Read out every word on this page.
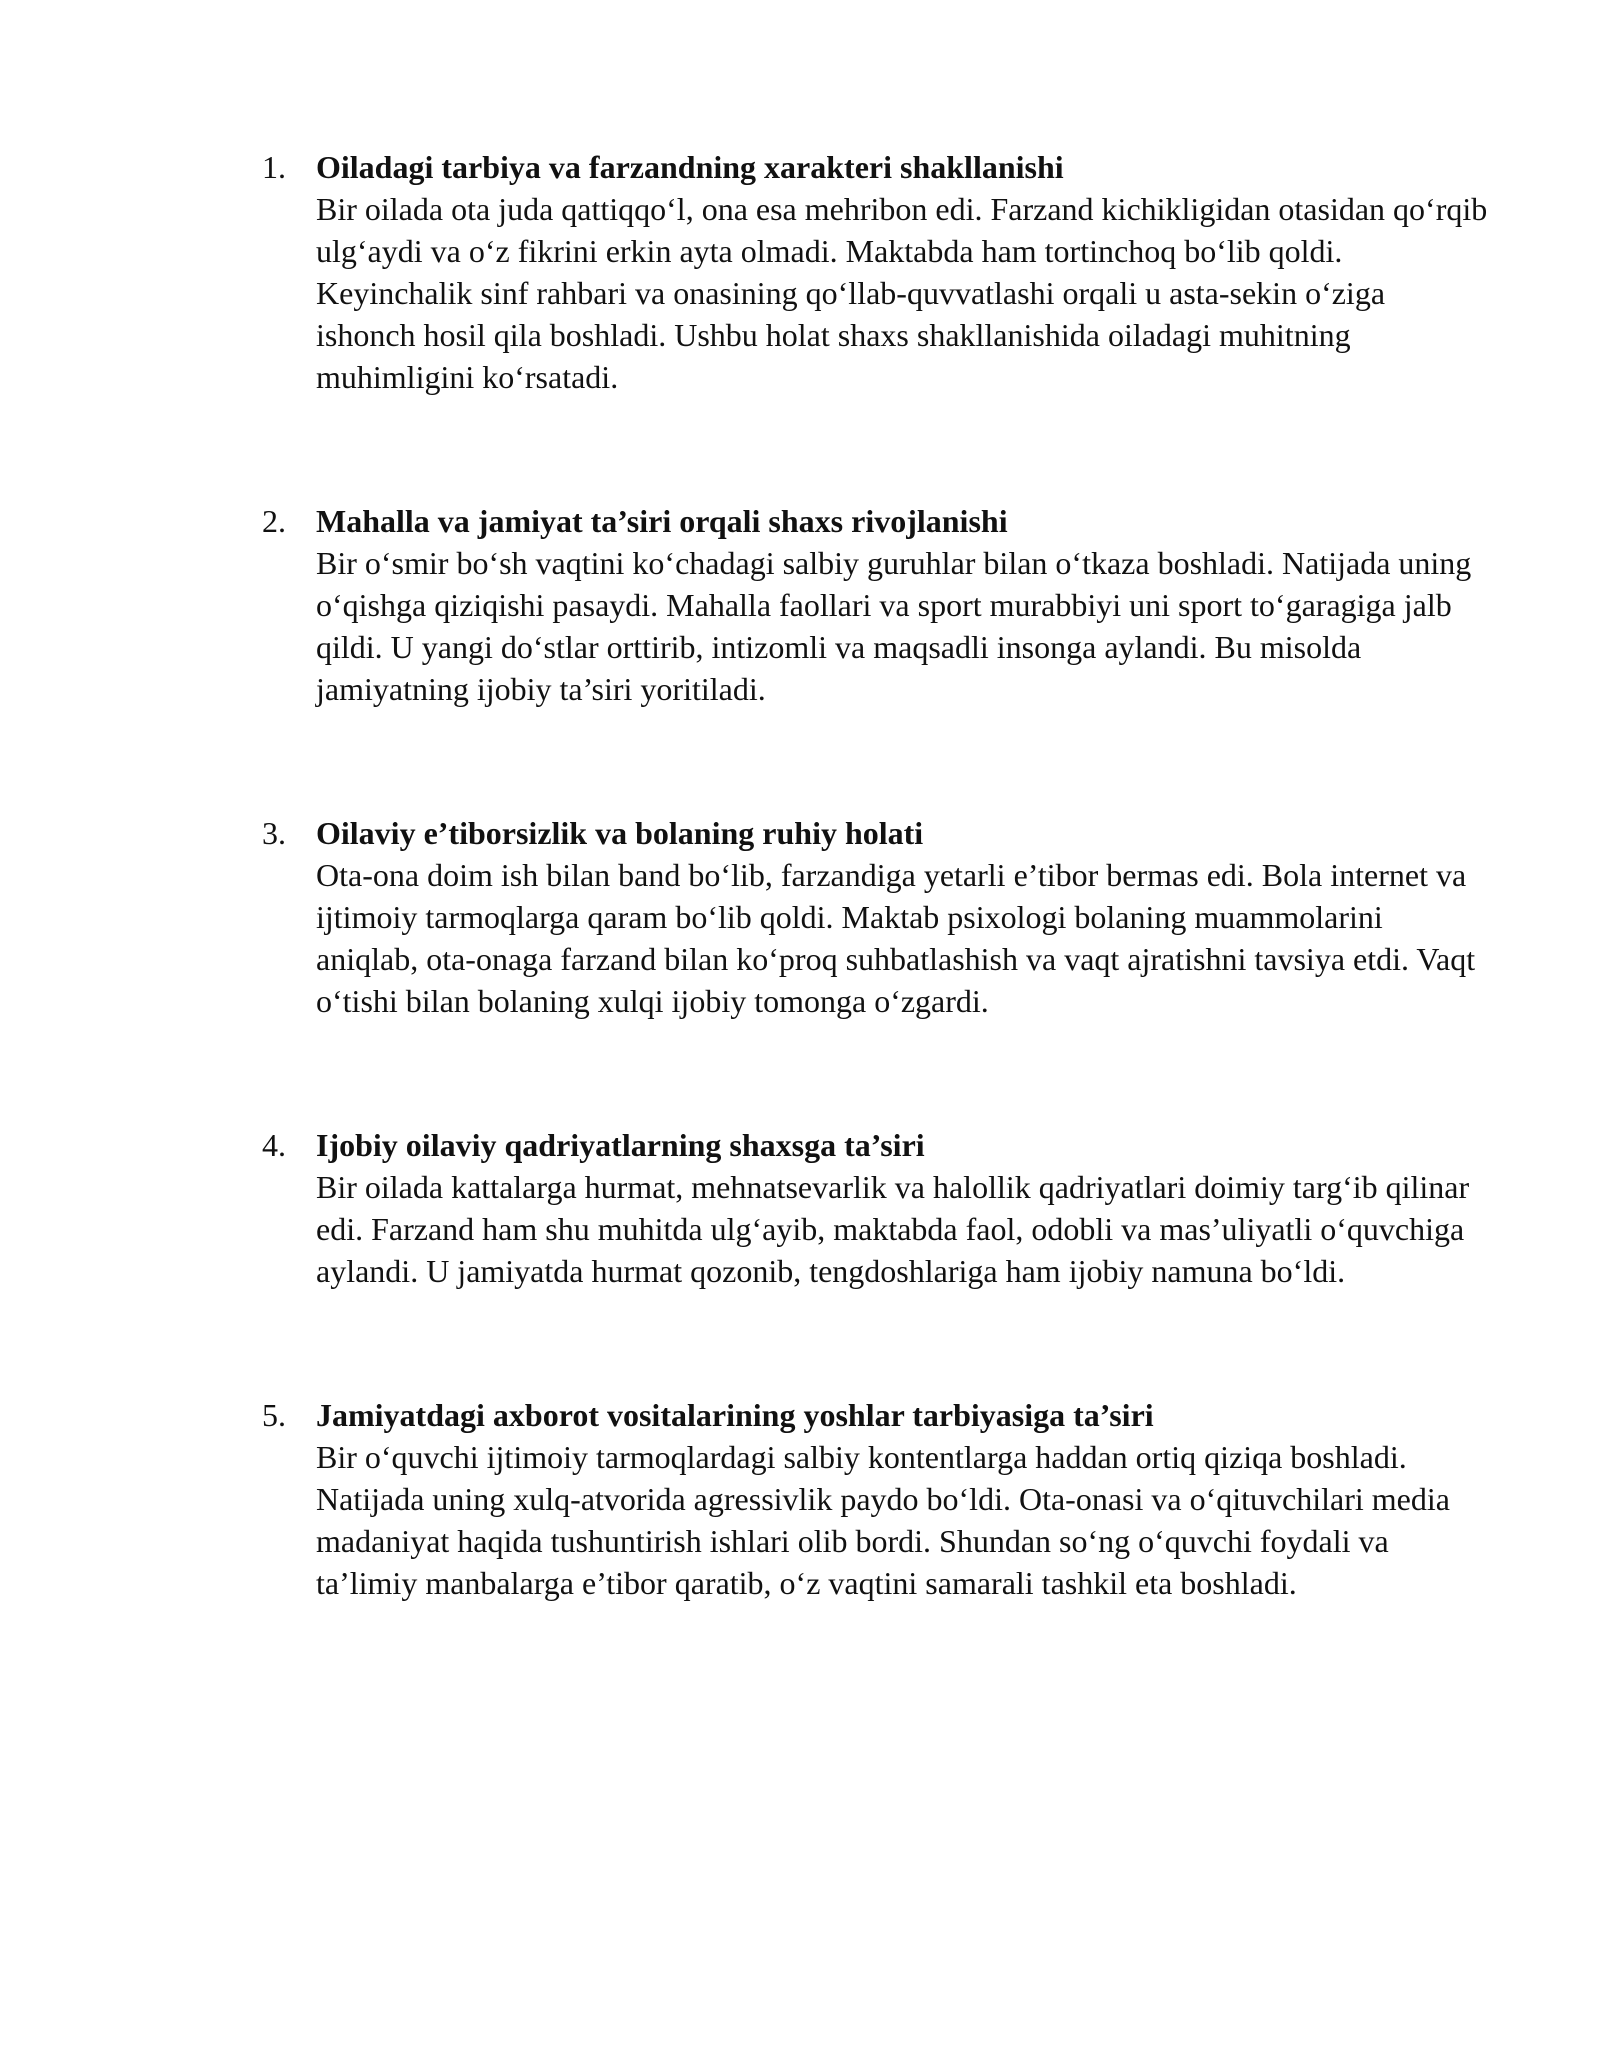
1. Oiladagi tarbiya va farzandning xarakteri shakllanishi

Bir oilada ota juda qattiqqo‘l, ona esa mehribon edi. Farzand kichikligidan otasidan qo‘rqib ulg‘aydi va o‘z fikrini erkin ayta olmadi. Maktabda ham tortinchoq bo‘lib qoldi. Keyinchalik sinf rahbari va onasining qo‘llab-quvvatlashi orqali u asta-sekin o‘ziga ishonch hosil qila boshladi. Ushbu holat shaxs shakllanishida oiladagi muhitning muhimligini ko‘rsatadi.

2. Mahalla va jamiyat ta’siri orqali shaxs rivojlanishi

Bir o‘smir bo‘sh vaqtini ko‘chadagi salbiy guruhlar bilan o‘tkaza boshladi. Natijada uning o‘qishga qiziqishi pasaydi. Mahalla faollari va sport murabbiyi uni sport to‘garagiga jalb qildi. U yangi do‘stlar orttirib, intizomli va maqsadli insonga aylandi. Bu misolda jamiyatning ijobiy ta’siri yoritiladi.

3. Oilaviy e’tiborsizlik va bolaning ruhiy holati

Ota-ona doim ish bilan band bo‘lib, farzandiga yetarli e’tibor bermas edi. Bola internet va ijtimoiy tarmoqlarga qaram bo‘lib qoldi. Maktab psixologi bolaning muammolarini aniqlab, ota-onaga farzand bilan ko‘proq suhbatlashish va vaqt ajratishni tavsiya etdi. Vaqt o‘tishi bilan bolaning xulqi ijobiy tomonga o‘zgardi.

4. Ijobiy oilaviy qadriyatlarning shaxsga ta’siri

Bir oilada kattalarga hurmat, mehnatsevarlik va halollik qadriyatlari doimiy targ‘ib qilinar edi. Farzand ham shu muhitda ulg‘ayib, maktabda faol, odobli va mas’uliyatli o‘quvchiga aylandi. U jamiyatda hurmat qozonib, tengdoshlariga ham ijobiy namuna bo‘ldi.

5. Jamiyatdagi axborot vositalarining yoshlar tarbiyasiga ta’siri

Bir o‘quvchi ijtimoiy tarmoqlardagi salbiy kontentlarga haddan ortiq qiziqa boshladi. Natijada uning xulq-atvorida agressivlik paydo bo‘ldi. Ota-onasi va o‘qituvchilari media madaniyat haqida tushuntirish ishlari olib bordi. Shundan so‘ng o‘quvchi foydali va ta’limiy manbalarga e’tibor qaratib, o‘z vaqtini samarali tashkil eta boshladi.
